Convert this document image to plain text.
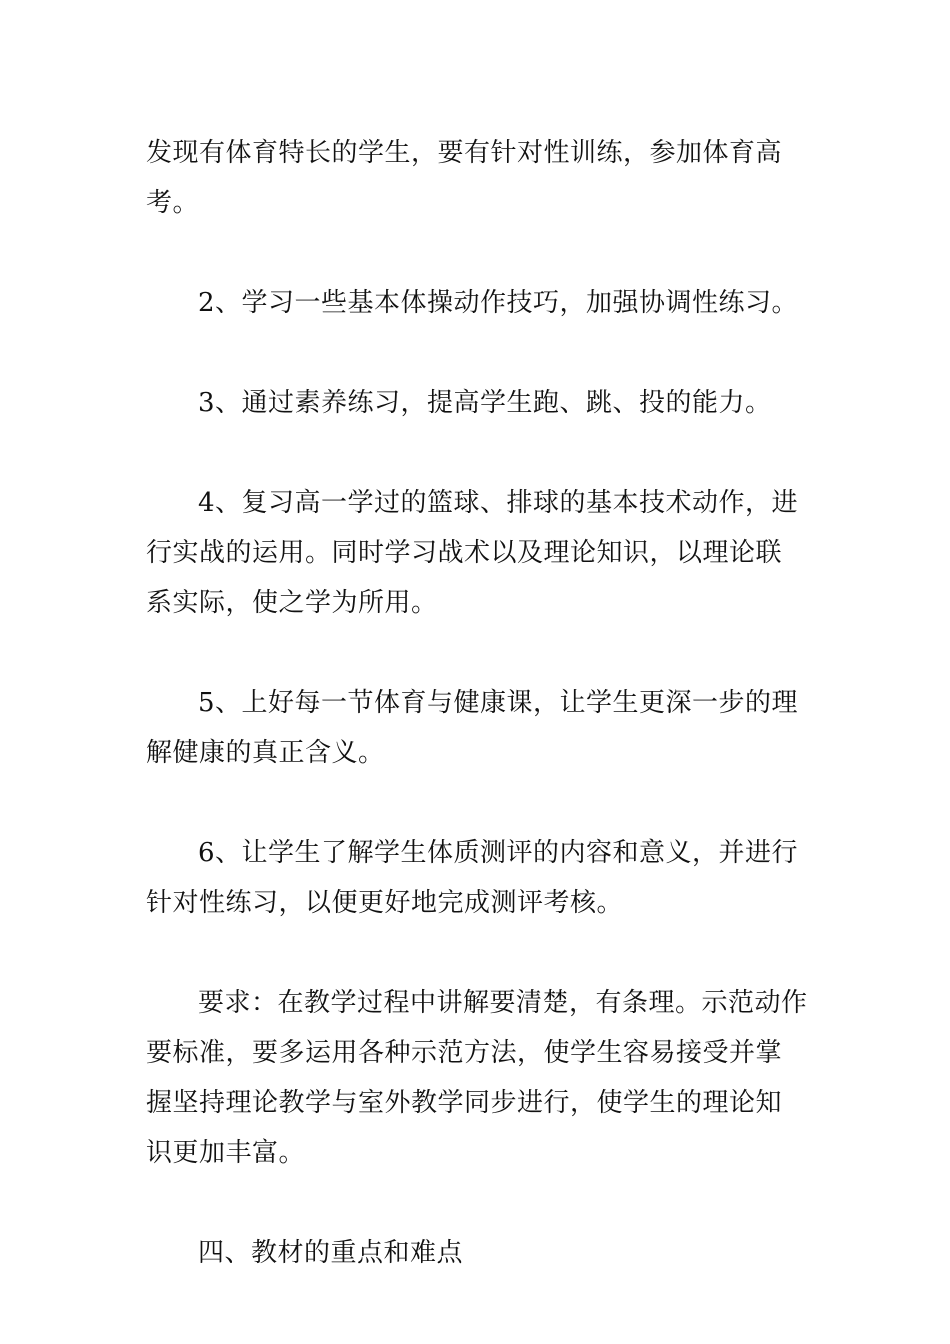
发现有体育特长的学生，要有针对性训练，参加体育高考。

2、学习一些基本体操动作技巧，加强协调性练习。

3、通过素养练习，提高学生跑、跳、投的能力。

4、复习高一学过的篮球、排球的基本技术动作，进行实战的运用。同时学习战术以及理论知识，以理论联系实际，使之学为所用。

5、上好每一节体育与健康课，让学生更深一步的理解健康的真正含义。

6、让学生了解学生体质测评的内容和意义，并进行针对性练习，以便更好地完成测评考核。

要求：在教学过程中讲解要清楚，有条理。示范动作要标准，要多运用各种示范方法，使学生容易接受并掌握坚持理论教学与室外教学同步进行，使学生的理论知识更加丰富。

四、教材的重点和难点
